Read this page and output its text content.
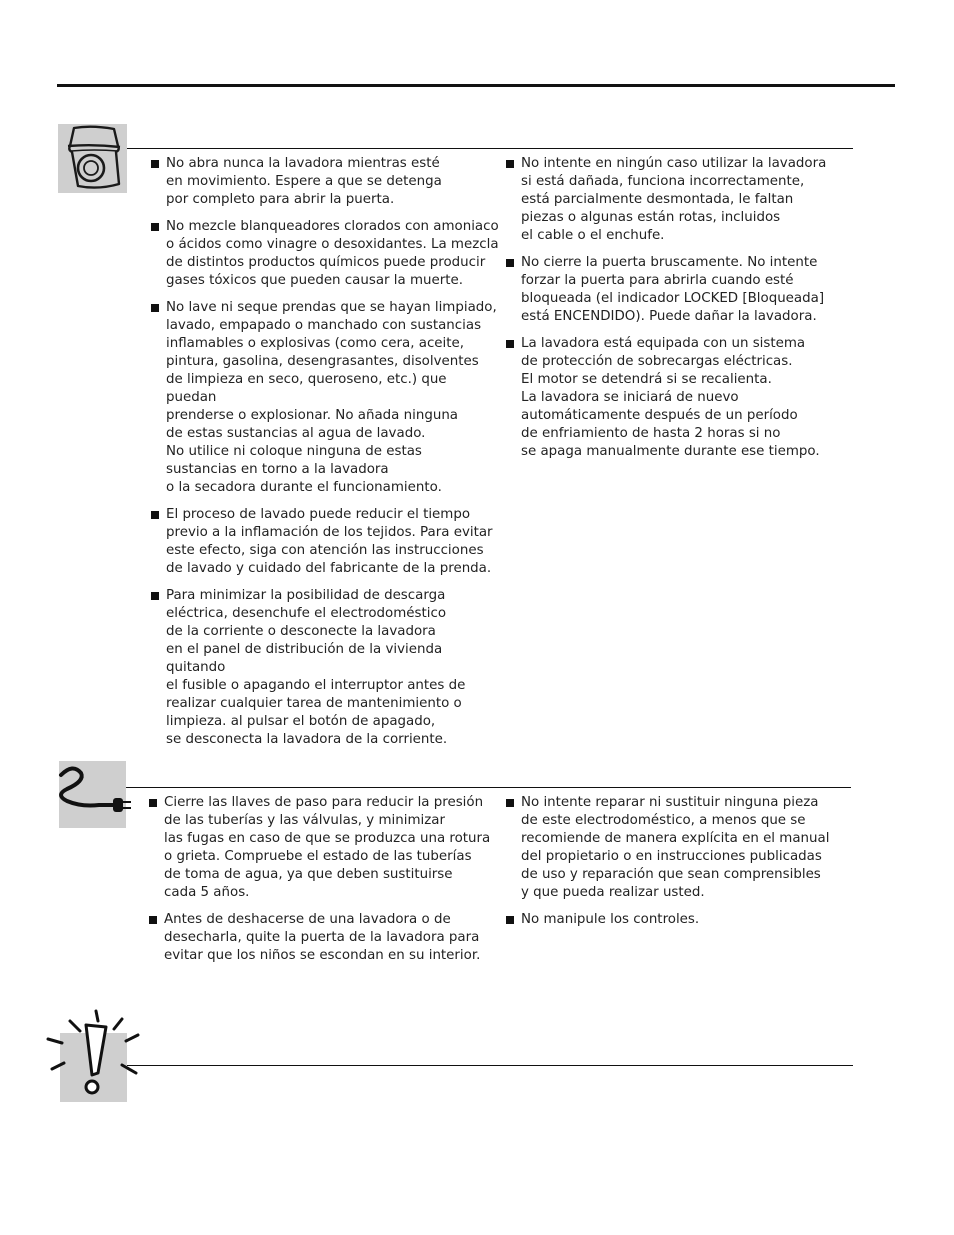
No abra nunca la lavadora mientras esté
en movimiento. Espere a que se detenga
por completo para abrir la puerta.
No mezcle blanqueadores clorados con amoniaco
o ácidos como vinagre o desoxidantes. La mezcla
de distintos productos químicos puede producir
gases tóxicos que pueden causar la muerte.
No lave ni seque prendas que se hayan limpiado,
lavado, empapado o manchado con sustancias
inflamables o explosivas (como cera, aceite,
pintura, gasolina, desengrasantes, disolventes
de limpieza en seco, queroseno, etc.) que puedan
prenderse o explosionar. No añada ninguna
de estas sustancias al agua de lavado.
No utilice ni coloque ninguna de estas
sustancias en torno a la lavadora
o la secadora durante el funcionamiento.
El proceso de lavado puede reducir el tiempo
previo a la inflamación de los tejidos. Para evitar
este efecto, siga con atención las instrucciones
de lavado y cuidado del fabricante de la prenda.
Para minimizar la posibilidad de descarga
eléctrica, desenchufe el electrodoméstico
de la corriente o desconecte la lavadora
en el panel de distribución de la vivienda quitando
el fusible o apagando el interruptor antes de
realizar cualquier tarea de mantenimiento o
limpieza. al pulsar el botón de apagado,
se desconecta la lavadora de la corriente.
No intente en ningún caso utilizar la lavadora
si está dañada, funciona incorrectamente,
está parcialmente desmontada, le faltan
piezas o algunas están rotas, incluidos
el cable o el enchufe.
No cierre la puerta bruscamente. No intente
forzar la puerta para abrirla cuando esté
bloqueada (el indicador LOCKED [Bloqueada]
está ENCENDIDO). Puede dañar la lavadora.
La lavadora está equipada con un sistema
de protección de sobrecargas eléctricas.
El motor se detendrá si se recalienta.
La lavadora se iniciará de nuevo
automáticamente después de un período
de enfriamiento de hasta 2 horas si no
se apaga manualmente durante ese tiempo.
Cierre las llaves de paso para reducir la presión
de las tuberías y las válvulas, y minimizar
las fugas en caso de que se produzca una rotura
o grieta. Compruebe el estado de las tuberías
de toma de agua, ya que deben sustituirse
cada 5 años.
Antes de deshacerse de una lavadora o de
desecharla, quite la puerta de la lavadora para
evitar que los niños se escondan en su interior.
No intente reparar ni sustituir ninguna pieza
de este electrodoméstico, a menos que se
recomiende de manera explícita en el manual
del propietario o en instrucciones publicadas
de uso y reparación que sean comprensibles
y que pueda realizar usted.
No manipule los controles.
